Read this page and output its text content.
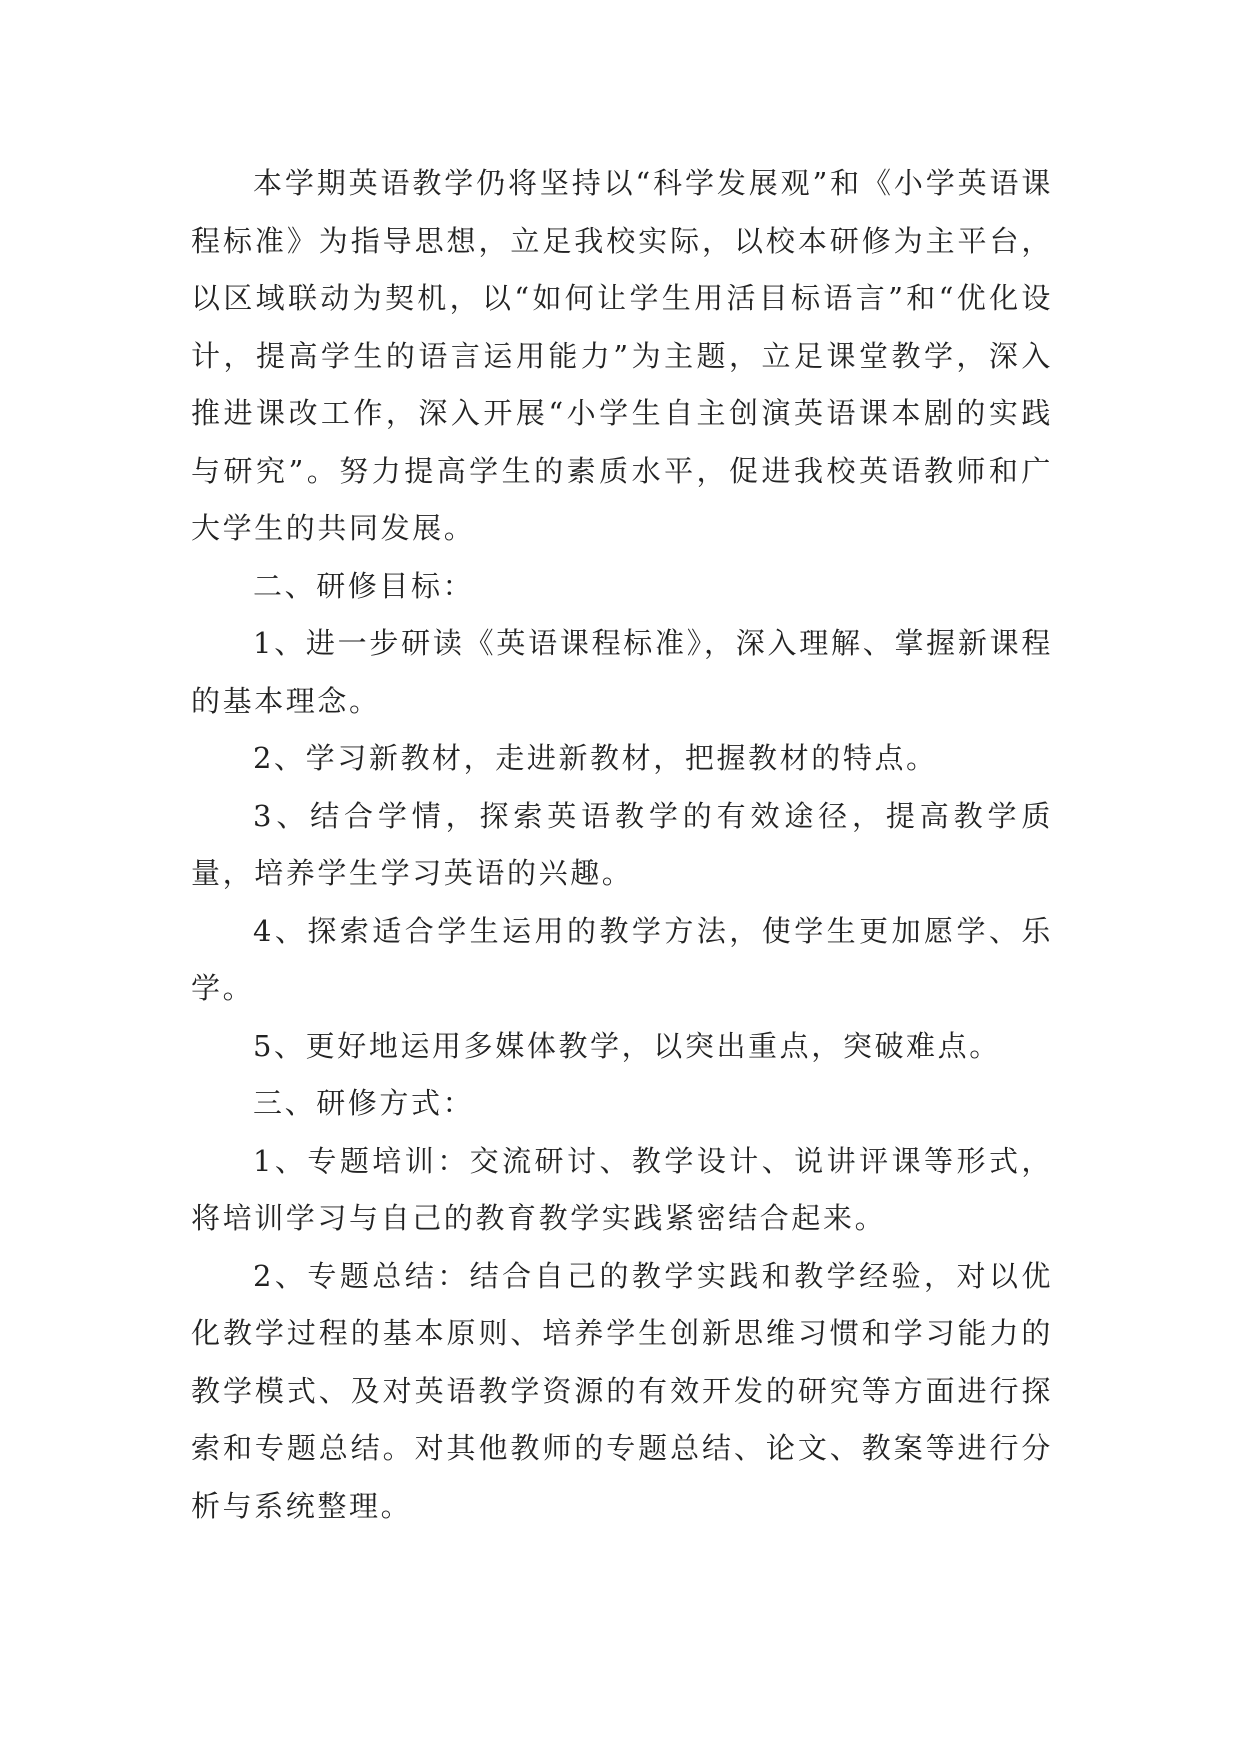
本学期英语教学仍将坚持以“科学发展观”和《小学英语课程标准》为指导思想，立足我校实际，以校本研修为主平台，以区域联动为契机，以“如何让学生用活目标语言”和“优化设计，提高学生的语言运用能力”为主题，立足课堂教学，深入推进课改工作，深入开展“小学生自主创演英语课本剧的实践与研究”。努力提高学生的素质水平，促进我校英语教师和广大学生的共同发展。

二、研修目标：

1、进一步研读《英语课程标准》，深入理解、掌握新课程的基本理念。

2、学习新教材，走进新教材，把握教材的特点。

3、结合学情，探索英语教学的有效途径，提高教学质量，培养学生学习英语的兴趣。

4、探索适合学生运用的教学方法，使学生更加愿学、乐学。

5、更好地运用多媒体教学，以突出重点，突破难点。

三、研修方式：

1、专题培训：交流研讨、教学设计、说讲评课等形式，将培训学习与自己的教育教学实践紧密结合起来。

2、专题总结：结合自己的教学实践和教学经验，对以优化教学过程的基本原则、培养学生创新思维习惯和学习能力的教学模式、及对英语教学资源的有效开发的研究等方面进行探索和专题总结。对其他教师的专题总结、论文、教案等进行分析与系统整理。
